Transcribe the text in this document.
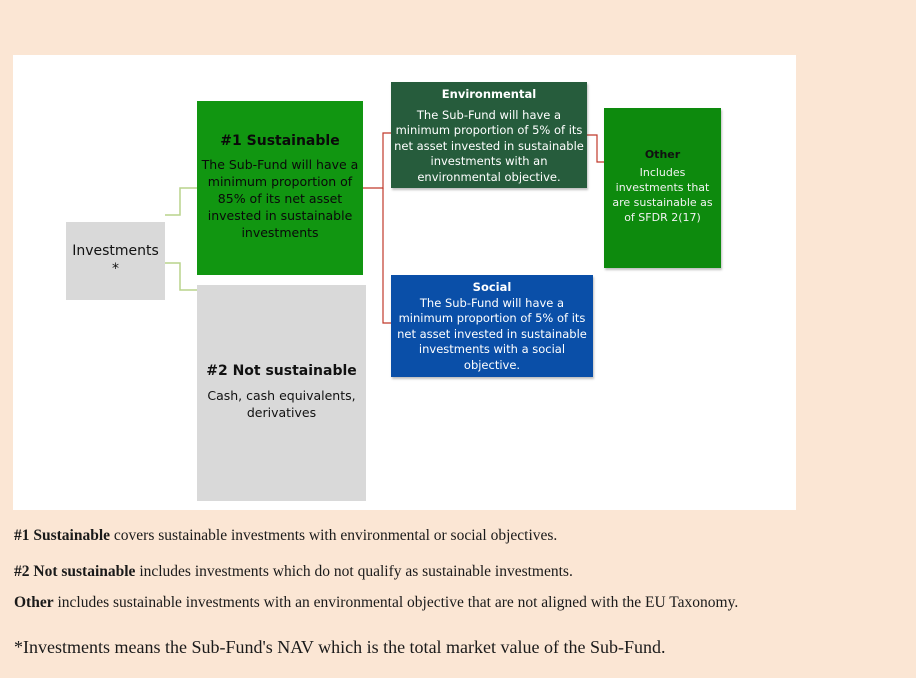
Investments
*
#1 Sustainable
The Sub-Fund will have a minimum proportion of 85% of its net asset invested in sustainable investments
#2 Not sustainable
Cash, cash equivalents, derivatives
Environmental
The Sub-Fund will have a minimum proportion of 5% of its net asset invested in sustainable investments with an environmental objective.
Social
The Sub-Fund will have a minimum proportion of 5% of its net asset invested in sustainable investments with a social objective.
Other
Includes investments that are sustainable as of SFDR 2(17)
#1 Sustainable covers sustainable investments with environmental or social objectives.
#2 Not sustainable includes investments which do not qualify as sustainable investments.
Other includes sustainable investments with an environmental objective that are not aligned with the EU Taxonomy.
*Investments means the Sub-Fund's NAV which is the total market value of the Sub-Fund.
